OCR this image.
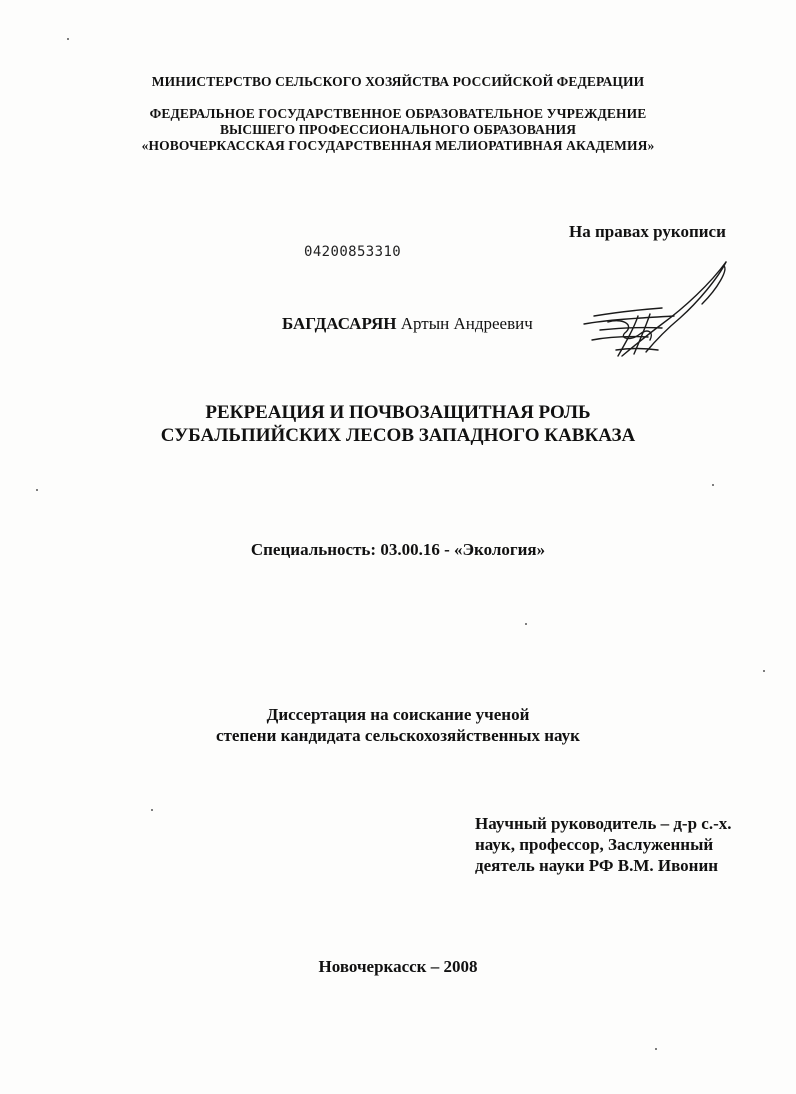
МИНИСТЕРСТВО СЕЛЬСКОГО ХОЗЯЙСТВА РОССИЙСКОЙ ФЕДЕРАЦИИ
ФЕДЕРАЛЬНОЕ ГОСУДАРСТВЕННОЕ ОБРАЗОВАТЕЛЬНОЕ УЧРЕЖДЕНИЕ
ВЫСШЕГО ПРОФЕССИОНАЛЬНОГО ОБРАЗОВАНИЯ
«НОВОЧЕРКАССКАЯ ГОСУДАРСТВЕННАЯ МЕЛИОРАТИВНАЯ АКАДЕМИЯ»
На правах рукописи
04200853310
БАГДАСАРЯН Артын Андреевич
РЕКРЕАЦИЯ И ПОЧВОЗАЩИТНАЯ РОЛЬ
СУБАЛЬПИЙСКИХ ЛЕСОВ ЗАПАДНОГО КАВКАЗА
Специальность: 03.00.16 - «Экология»
Диссертация на соискание ученой
степени кандидата сельскохозяйственных наук
Научный руководитель – д-р с.-х.
наук, профессор, Заслуженный
деятель науки РФ В.М. Ивонин
Новочеркасск – 2008
